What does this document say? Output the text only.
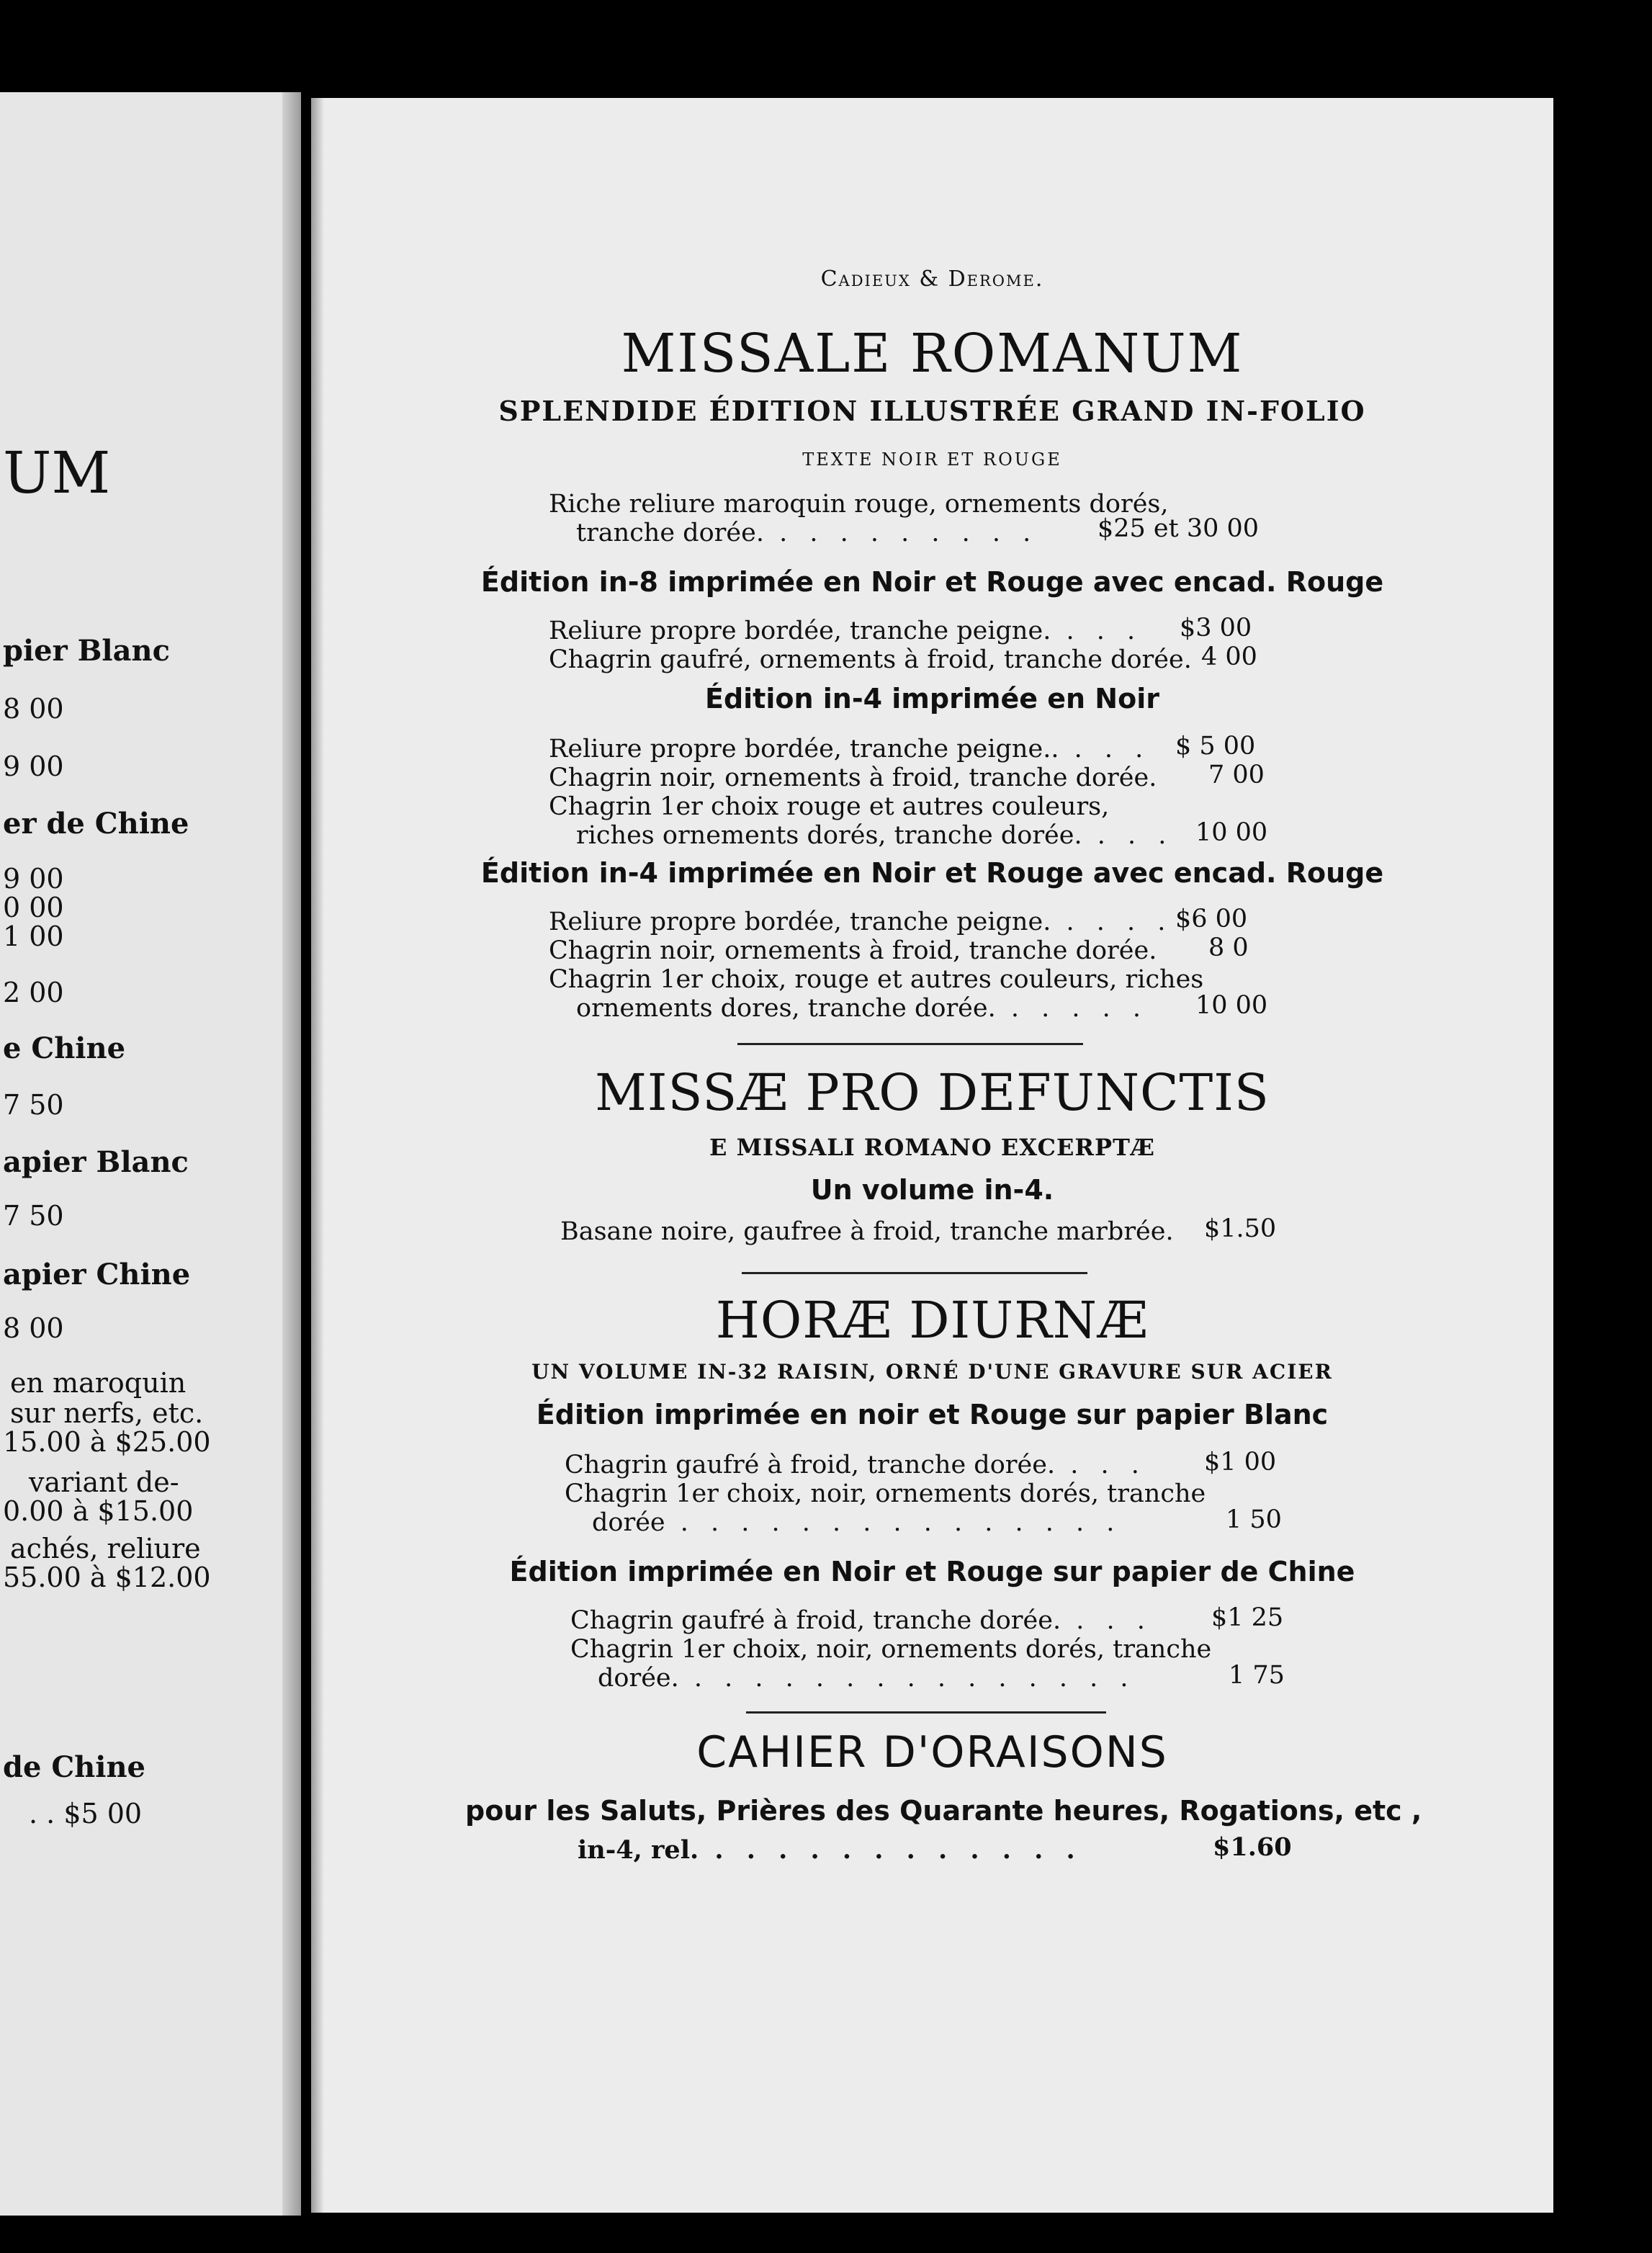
UM
pier Blanc
8 00
9 00
er de Chine
9 00
0 00
1 00
2 00
e Chine
7 50
apier Blanc
7 50
apier Chine
8 00
en maroquin
sur nerfs, etc.
15.00 à $25.00
variant de-
0.00 à $15.00
achés, reliure
55.00 à $12.00
de Chine
. . $5 00
Cadieux & Derome.
MISSALE ROMANUM
SPLENDIDE ÉDITION ILLUSTRÉE GRAND IN-FOLIO
TEXTE NOIR ET ROUGE
Riche reliure maroquin rouge, ornements dorés,
tranche dorée. . . . . . . . . . $25 et 30 00
Édition in-8 imprimée en Noir et Rouge avec encad. Rouge
Reliure propre bordée, tranche peigne. . . . $3 00
Chagrin gaufré, ornements à froid, tranche dorée. 4 00
Édition in-4 imprimée en Noir
Reliure propre bordée, tranche peigne.. . . . $ 5 00
Chagrin noir, ornements à froid, tranche dorée. 7 00
Chagrin 1er choix rouge et autres couleurs,
riches ornements dorés, tranche dorée. . . . 10 00
Édition in-4 imprimée en Noir et Rouge avec encad. Rouge
Reliure propre bordée, tranche peigne. . . . . $6 00
Chagrin noir, ornements à froid, tranche dorée. 8 0
Chagrin 1er choix, rouge et autres couleurs, riches
ornements dores, tranche dorée. . . . . . 10 00
MISSÆ PRO DEFUNCTIS
E MISSALI ROMANO EXCERPTÆ
Un volume in-4.
Basane noire, gaufree à froid, tranche marbrée. $1.50
HORÆ DIURNÆ
UN VOLUME IN-32 RAISIN, ORNÉ D'UNE GRAVURE SUR ACIER
Édition imprimée en noir et Rouge sur papier Blanc
Chagrin gaufré à froid, tranche dorée. . . . $1 00
Chagrin 1er choix, noir, ornements dorés, tranche
dorée . . . . . . . . . . . . . . .	1 50
Édition imprimée en Noir et Rouge sur papier de Chine
Chagrin gaufré à froid, tranche dorée. . . . $1 25
Chagrin 1er choix, noir, ornements dorés, tranche
dorée. . . . . . . . . . . . . . . .	1 75
CAHIER D'ORAISONS
pour les Saluts, Prières des Quarante heures, Rogations, etc ,
in-4, rel. . . . . . . . . . . . .	$1.60
